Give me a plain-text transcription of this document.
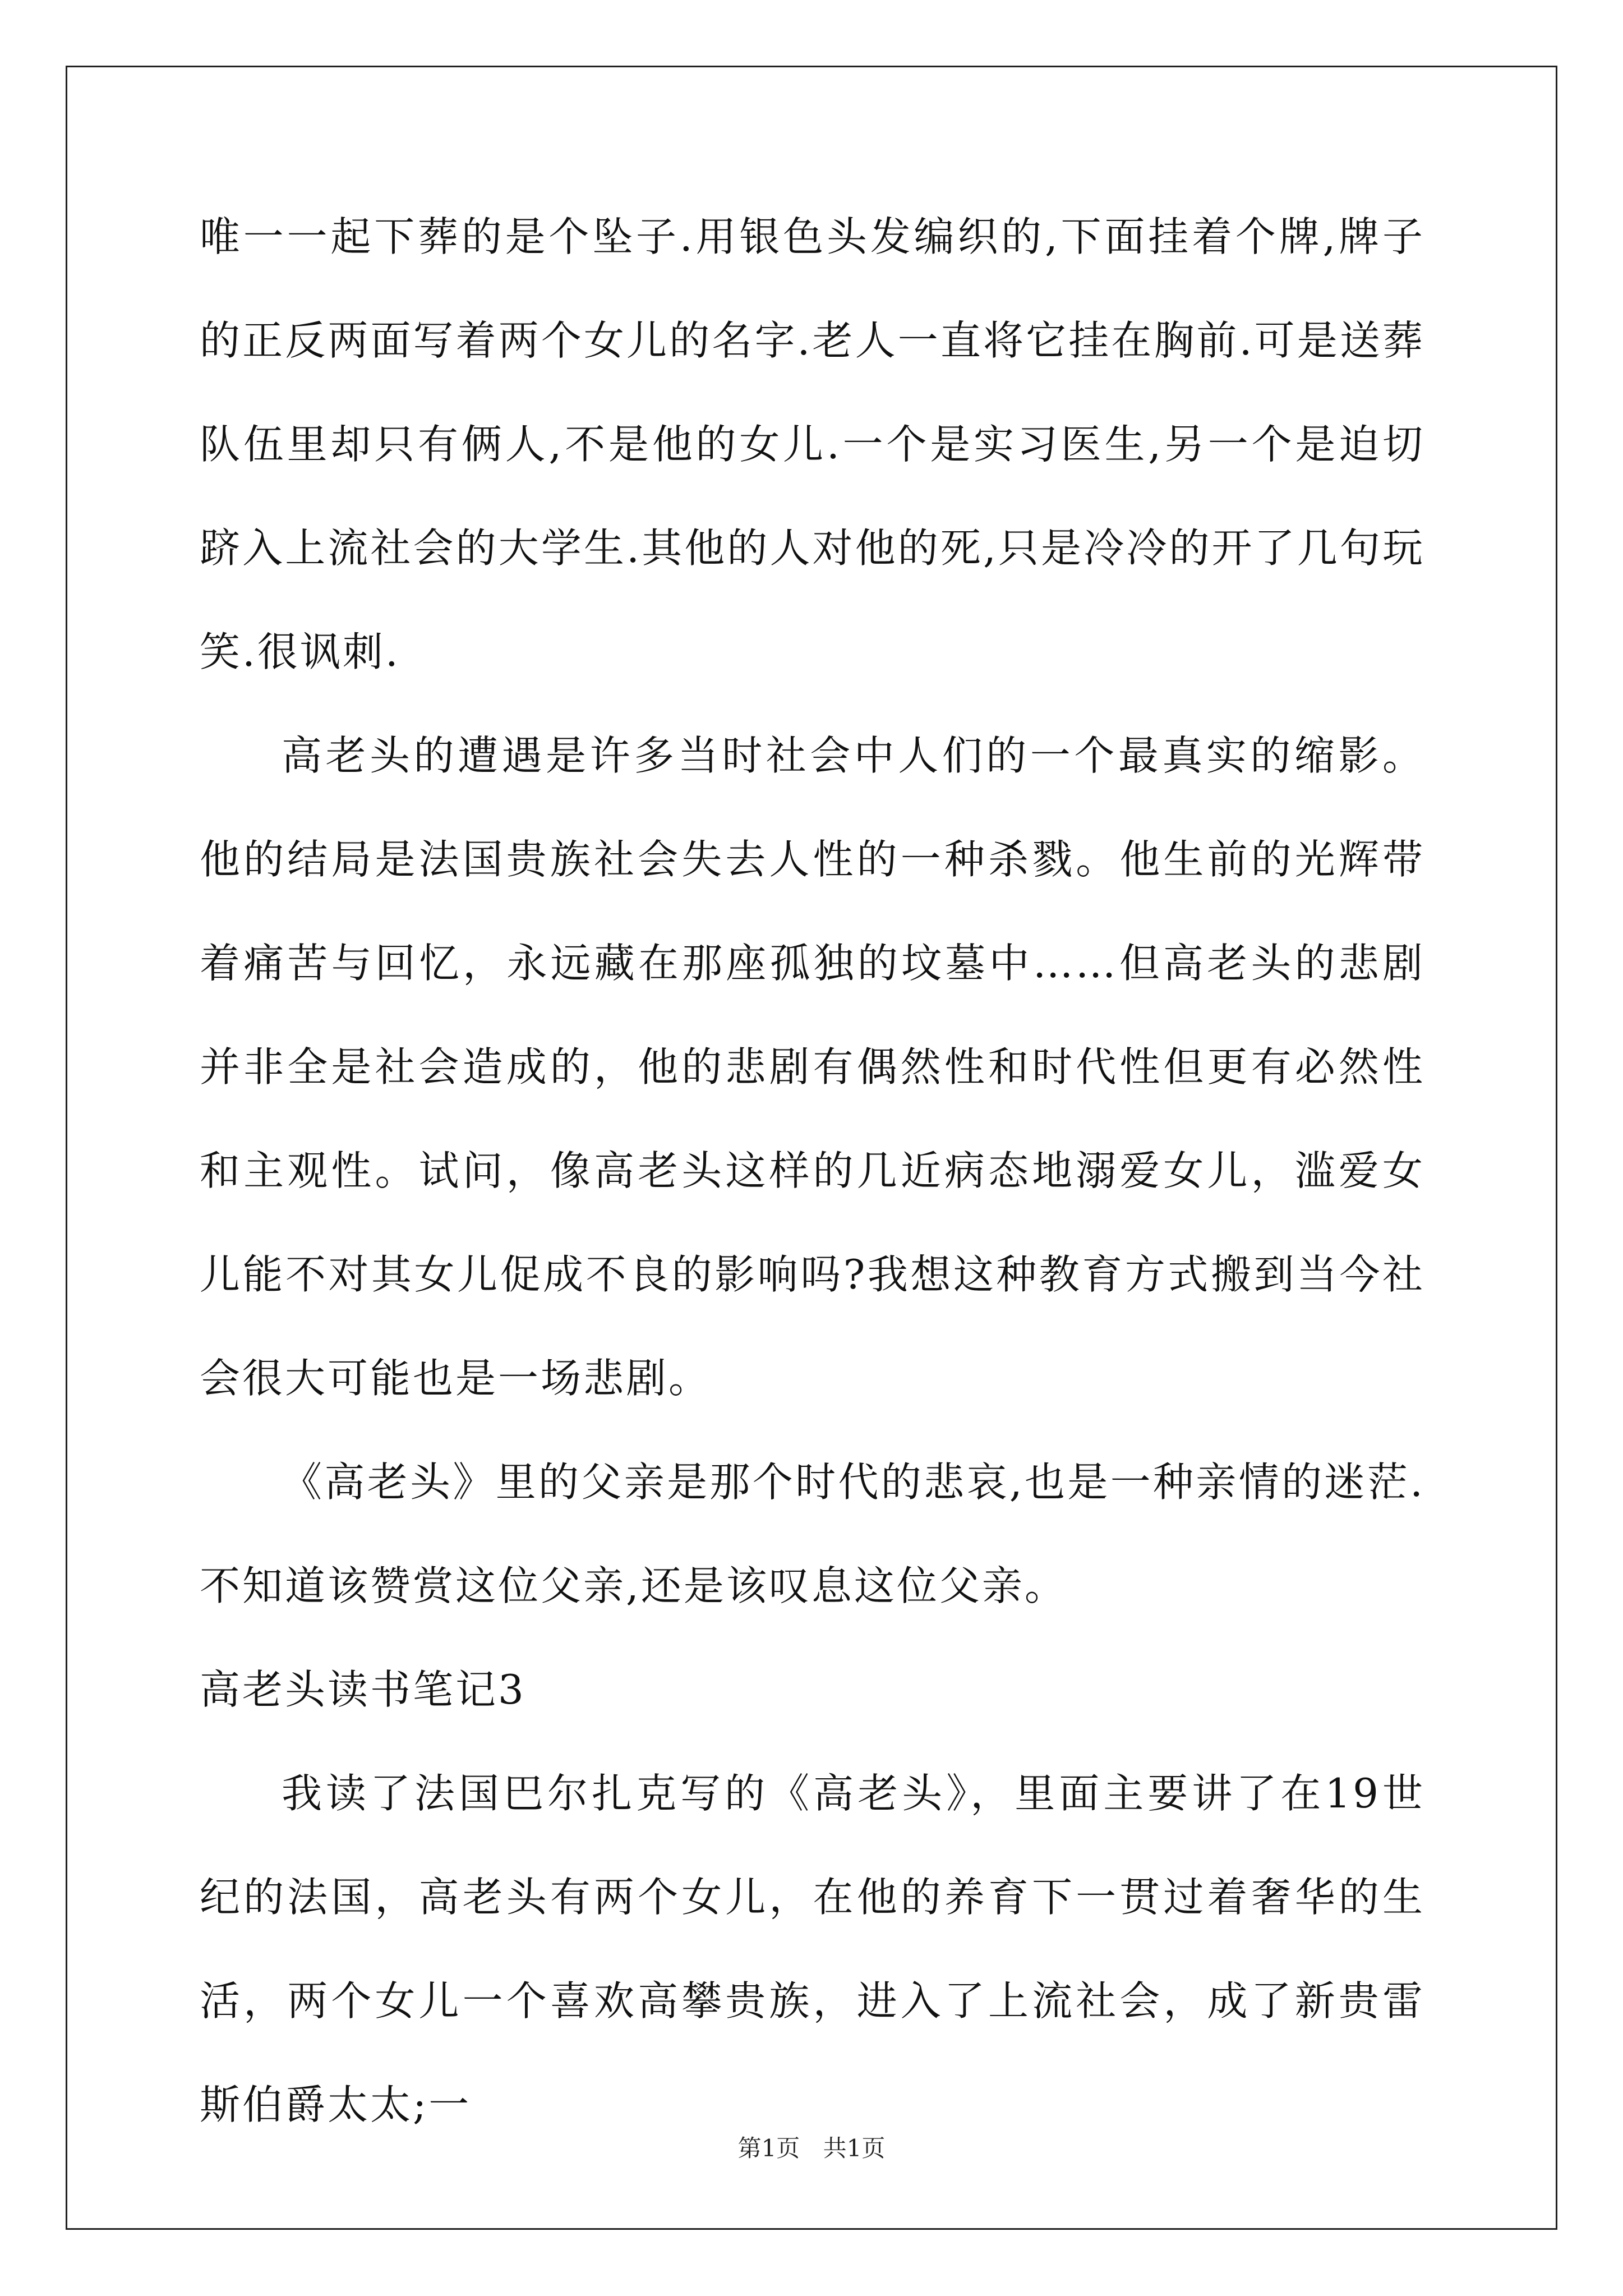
唯一一起下葬的是个坠子.用银色头发编织的,下面挂着个牌,牌子的正反两面写着两个女儿的名字.老人一直将它挂在胸前.可是送葬队伍里却只有俩人,不是他的女儿.一个是实习医生,另一个是迫切跻入上流社会的大学生.其他的人对他的死,只是冷冷的开了几句玩笑.很讽刺.

高老头的遭遇是许多当时社会中人们的一个最真实的缩影。他的结局是法国贵族社会失去人性的一种杀戮。他生前的光辉带着痛苦与回忆，永远藏在那座孤独的坟墓中……但高老头的悲剧并非全是社会造成的，他的悲剧有偶然性和时代性但更有必然性和主观性。试问，像高老头这样的几近病态地溺爱女儿，滥爱女儿能不对其女儿促成不良的影响吗?我想这种教育方式搬到当今社会很大可能也是一场悲剧。

《高老头》里的父亲是那个时代的悲哀,也是一种亲情的迷茫.不知道该赞赏这位父亲,还是该叹息这位父亲。

高老头读书笔记3

我读了法国巴尔扎克写的《高老头》，里面主要讲了在19世纪的法国，高老头有两个女儿，在他的养育下一贯过着奢华的生活，两个女儿一个喜欢高攀贵族，进入了上流社会，成了新贵雷斯伯爵太太;一

第1页 共1页
